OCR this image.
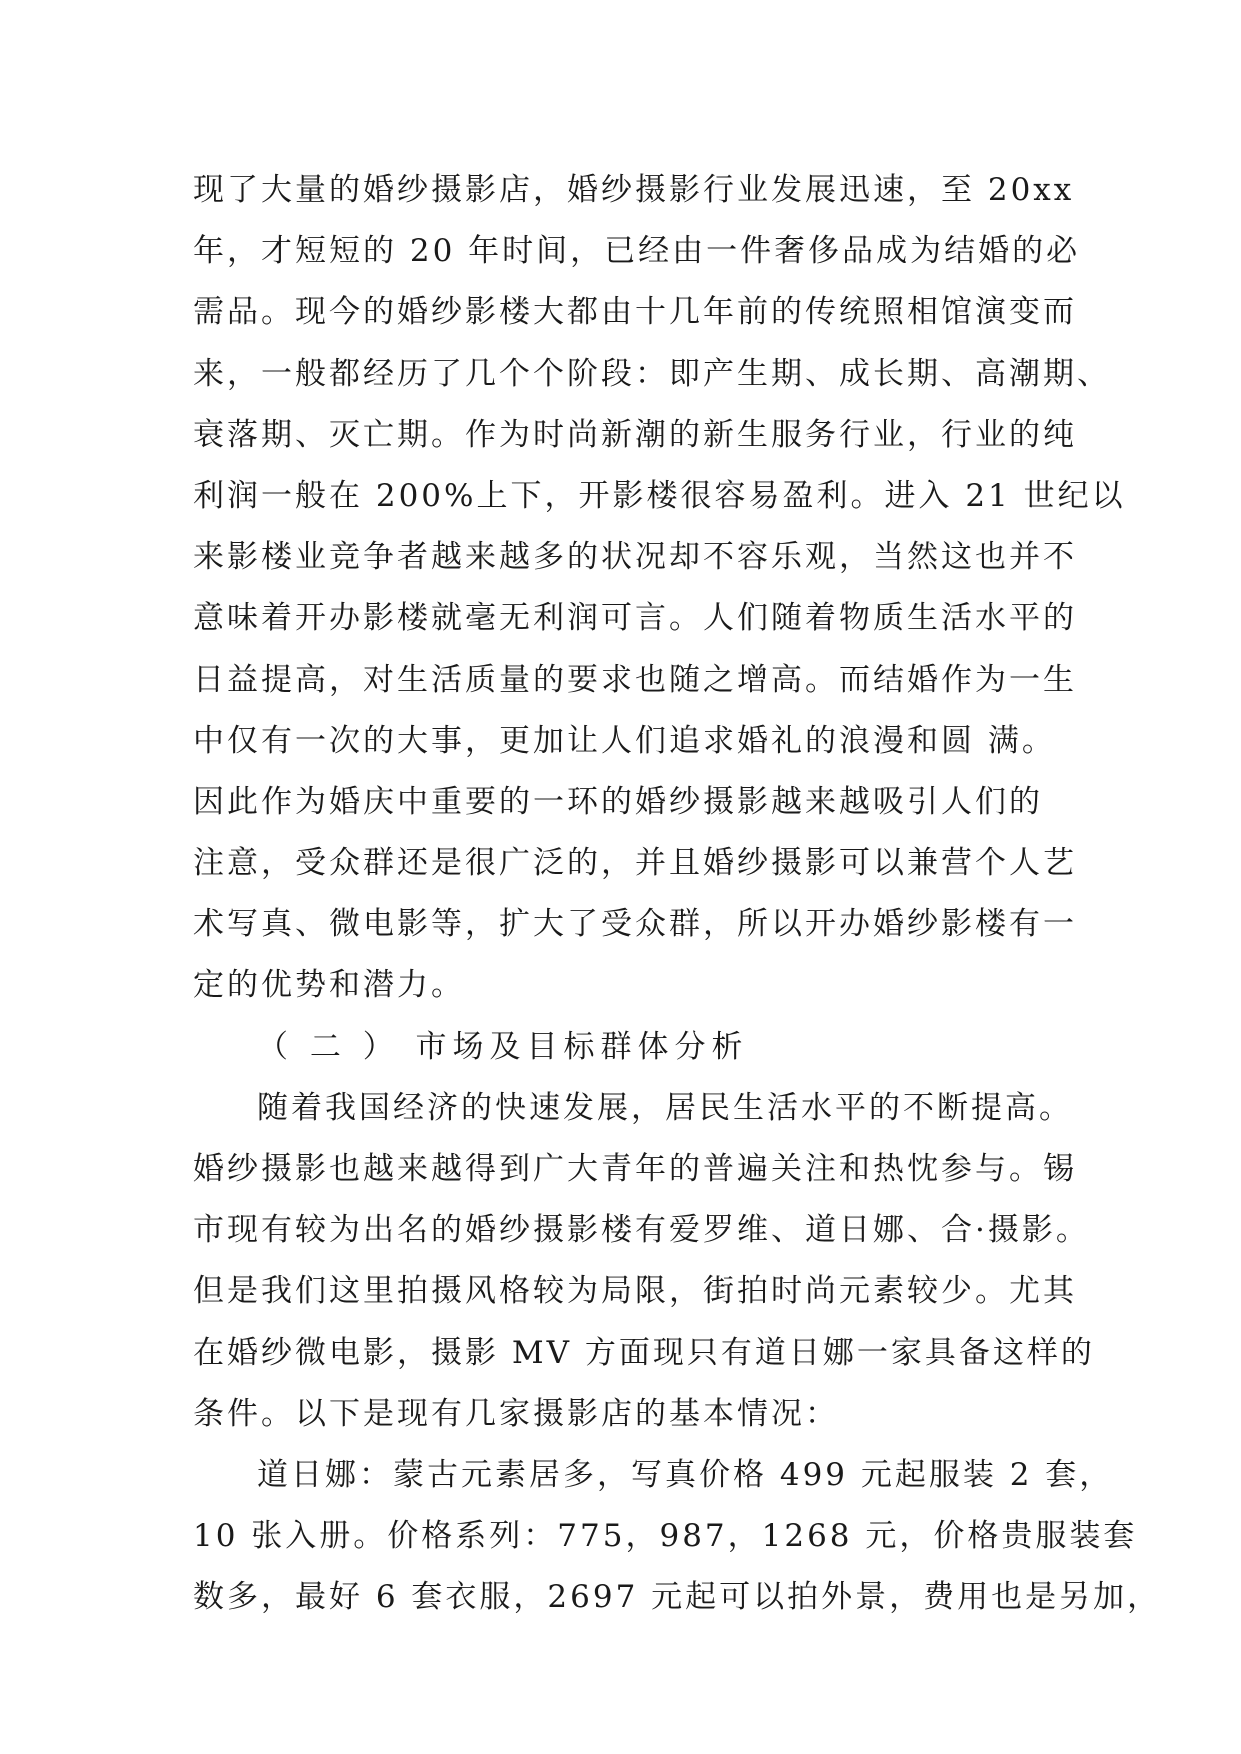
现了大量的婚纱摄影店，婚纱摄影行业发展迅速，至 20xx
年，才短短的 20 年时间，已经由一件奢侈品成为结婚的必
需品。现今的婚纱影楼大都由十几年前的传统照相馆演变而
来，一般都经历了几个个阶段：即产生期、成长期、高潮期、
衰落期、灭亡期。作为时尚新潮的新生服务行业，行业的纯
利润一般在 200%上下，开影楼很容易盈利。进入 21 世纪以
来影楼业竞争者越来越多的状况却不容乐观，当然这也并不
意味着开办影楼就毫无利润可言。人们随着物质生活水平的
日益提高，对生活质量的要求也随之增高。而结婚作为一生
中仅有一次的大事，更加让人们追求婚礼的浪漫和圆 满。
因此作为婚庆中重要的一环的婚纱摄影越来越吸引人们的
注意，受众群还是很广泛的，并且婚纱摄影可以兼营个人艺
术写真、微电影等，扩大了受众群，所以开办婚纱影楼有一
定的优势和潜力。
（ 二 ） 市场及目标群体分析
随着我国经济的快速发展，居民生活水平的不断提高。
婚纱摄影也越来越得到广大青年的普遍关注和热忱参与。锡
市现有较为出名的婚纱摄影楼有爱罗维、道日娜、合·摄影。
但是我们这里拍摄风格较为局限，街拍时尚元素较少。尤其
在婚纱微电影，摄影 MV 方面现只有道日娜一家具备这样的
条件。以下是现有几家摄影店的基本情况：
道日娜：蒙古元素居多，写真价格 499 元起服装 2 套，
10 张入册。价格系列：775，987，1268 元，价格贵服装套
数多，最好 6 套衣服，2697 元起可以拍外景，费用也是另加，
